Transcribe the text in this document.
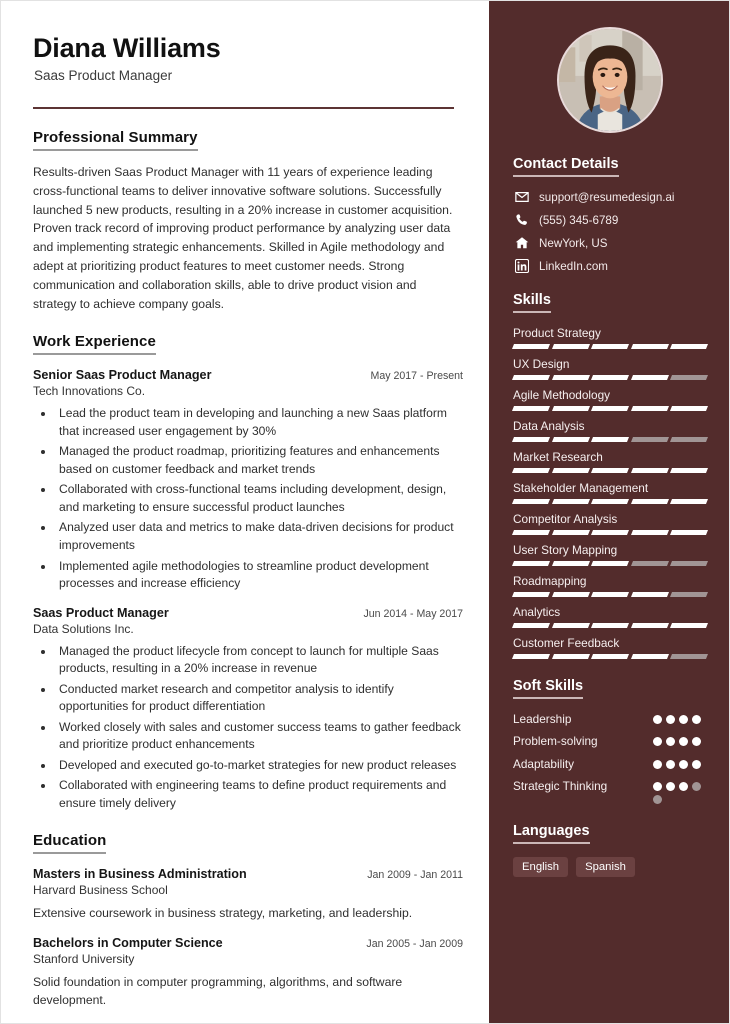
Diana Williams
Saas Product Manager
Professional Summary
Results-driven Saas Product Manager with 11 years of experience leading cross-functional teams to deliver innovative software solutions. Successfully launched 5 new products, resulting in a 20% increase in customer acquisition. Proven track record of improving product performance by analyzing user data and implementing strategic enhancements. Skilled in Agile methodology and adept at prioritizing product features to meet customer needs. Strong communication and collaboration skills, able to drive product vision and strategy to achieve company goals.
Work Experience
Senior Saas Product Manager	May 2017 - Present
Tech Innovations Co.
• Lead the product team in developing and launching a new Saas platform that increased user engagement by 30%
• Managed the product roadmap, prioritizing features and enhancements based on customer feedback and market trends
• Collaborated with cross-functional teams including development, design, and marketing to ensure successful product launches
• Analyzed user data and metrics to make data-driven decisions for product improvements
• Implemented agile methodologies to streamline product development processes and increase efficiency
Saas Product Manager	Jun 2014 - May 2017
Data Solutions Inc.
• Managed the product lifecycle from concept to launch for multiple Saas products, resulting in a 20% increase in revenue
• Conducted market research and competitor analysis to identify opportunities for product differentiation
• Worked closely with sales and customer success teams to gather feedback and prioritize product enhancements
• Developed and executed go-to-market strategies for new product releases
• Collaborated with engineering teams to define product requirements and ensure timely delivery
Education
Masters in Business Administration	Jan 2009 - Jan 2011
Harvard Business School
Extensive coursework in business strategy, marketing, and leadership.
Bachelors in Computer Science	Jan 2005 - Jan 2009
Stanford University
Solid foundation in computer programming, algorithms, and software development.
Contact Details
support@resumedesign.ai
(555) 345-6789
NewYork, US
LinkedIn.com
Skills
Product Strategy
UX Design
Agile Methodology
Data Analysis
Market Research
Stakeholder Management
Competitor Analysis
User Story Mapping
Roadmapping
Analytics
Customer Feedback
Soft Skills
Leadership
Problem-solving
Adaptability
Strategic Thinking
Languages
English	Spanish
